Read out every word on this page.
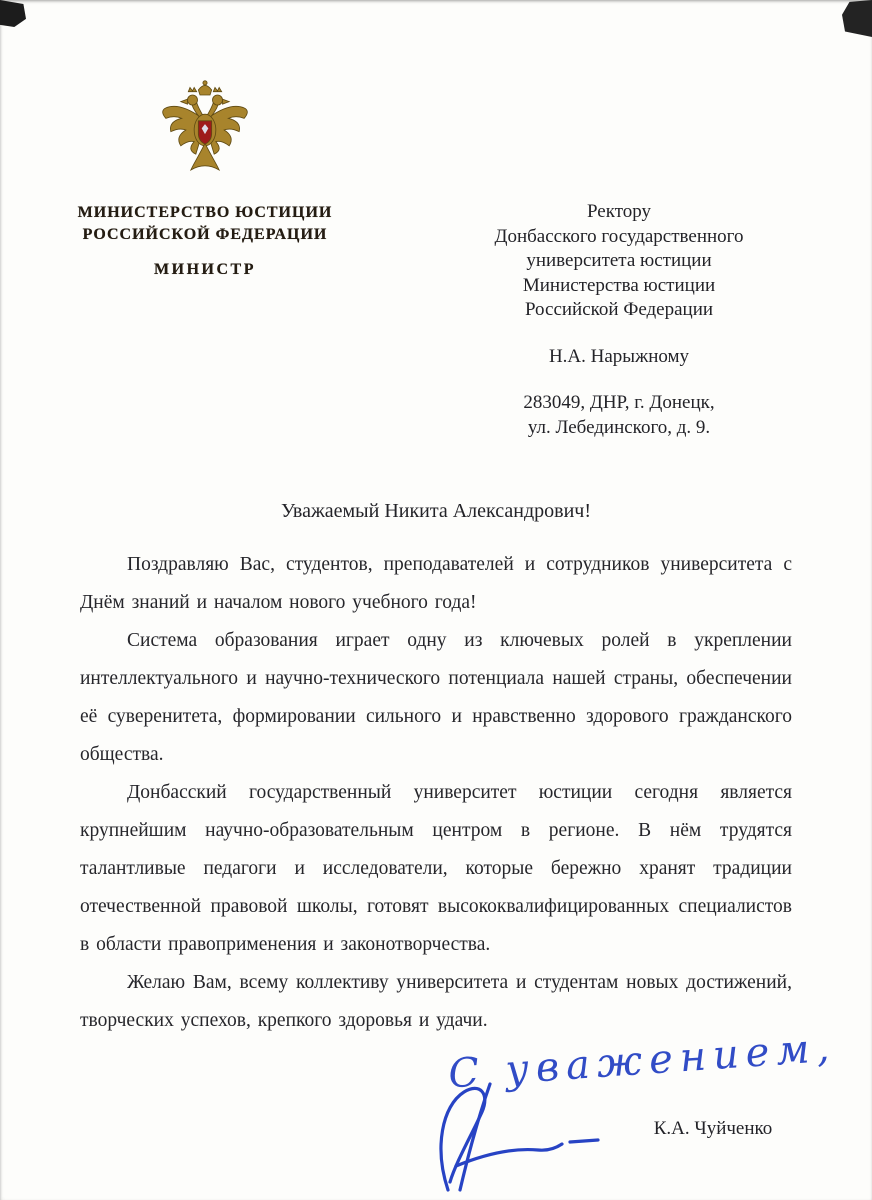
МИНИСТЕРСТВО ЮСТИЦИИ
РОССИЙСКОЙ ФЕДЕРАЦИИ
МИНИСТР
Ректору
Донбасского государственного
университета юстиции
Министерства юстиции
Российской Федерации
Н.А. Нарыжному
283049, ДНР, г. Донецк,
ул. Лебединского, д. 9.
Уважаемый Никита Александрович!

Поздравляю Вас, студентов, преподавателей и сотрудников университета с Днём знаний и началом нового учебного года!

Система образования играет одну из ключевых ролей в укреплении интеллектуального и научно-технического потенциала нашей страны, обеспечении её суверенитета, формировании сильного и нравственно здорового гражданского общества.

Донбасский государственный университет юстиции сегодня является крупнейшим научно-образовательным центром в регионе. В нём трудятся талантливые педагоги и исследователи, которые бережно хранят традиции отечественной правовой школы, готовят высококвалифицированных специалистов в области правоприменения и законотворчества.

Желаю Вам, всему коллективу университета и студентам новых достижений, творческих успехов, крепкого здоровья и удачи.

С уважением,
К.А. Чуйченко
